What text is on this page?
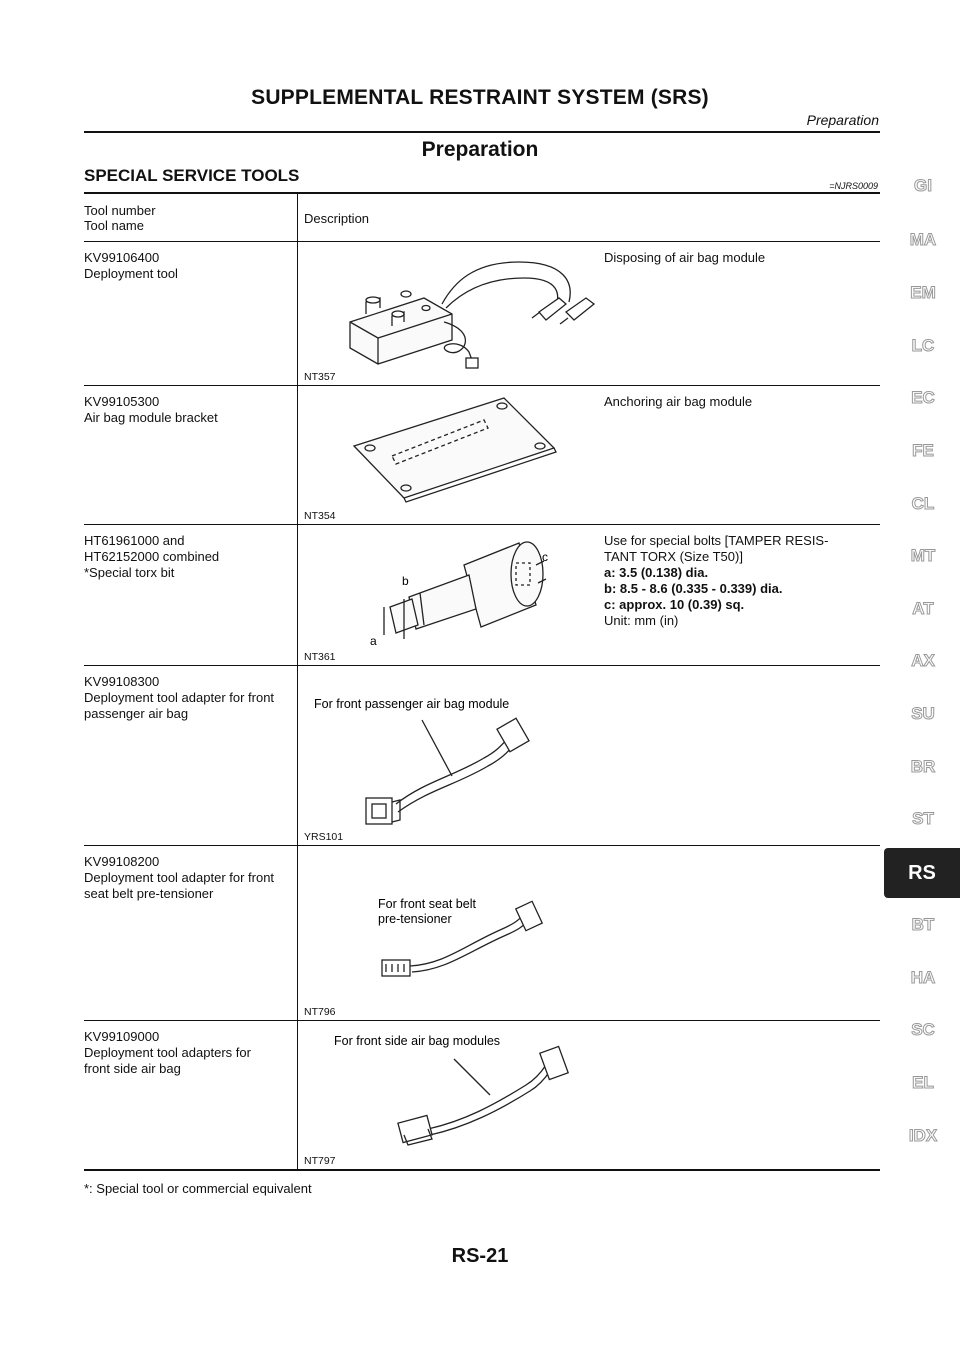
SUPPLEMENTAL RESTRAINT SYSTEM (SRS)
Preparation
Preparation
SPECIAL SERVICE TOOLS
=NJRS0009
Tool number
Tool name	Description
KV99106400
Deployment tool
NT357
Disposing of air bag module
KV99105300
Air bag module bracket
NT354
Anchoring air bag module
HT61961000 and
HT62152000 combined
*Special torx bit
c
b
a
NT361
Use for special bolts [TAMPER RESIS-
TANT TORX (Size T50)]
a: 3.5 (0.138) dia.
b: 8.5 - 8.6 (0.335 - 0.339) dia.
c: approx. 10 (0.39) sq.
Unit: mm (in)
KV99108300
Deployment tool adapter for front
passenger air bag
For front passenger air bag module
YRS101
KV99108200
Deployment tool adapter for front
seat belt pre-tensioner
For front seat belt
pre-tensioner
NT796
KV99109000
Deployment tool adapters for
front side air bag
For front side air bag modules
NT797
*: Special tool or commercial equivalent
RS-21
GI
MA
EM
LC
EC
FE
CL
MT
AT
AX
SU
BR
ST
RS
BT
HA
SC
EL
IDX
